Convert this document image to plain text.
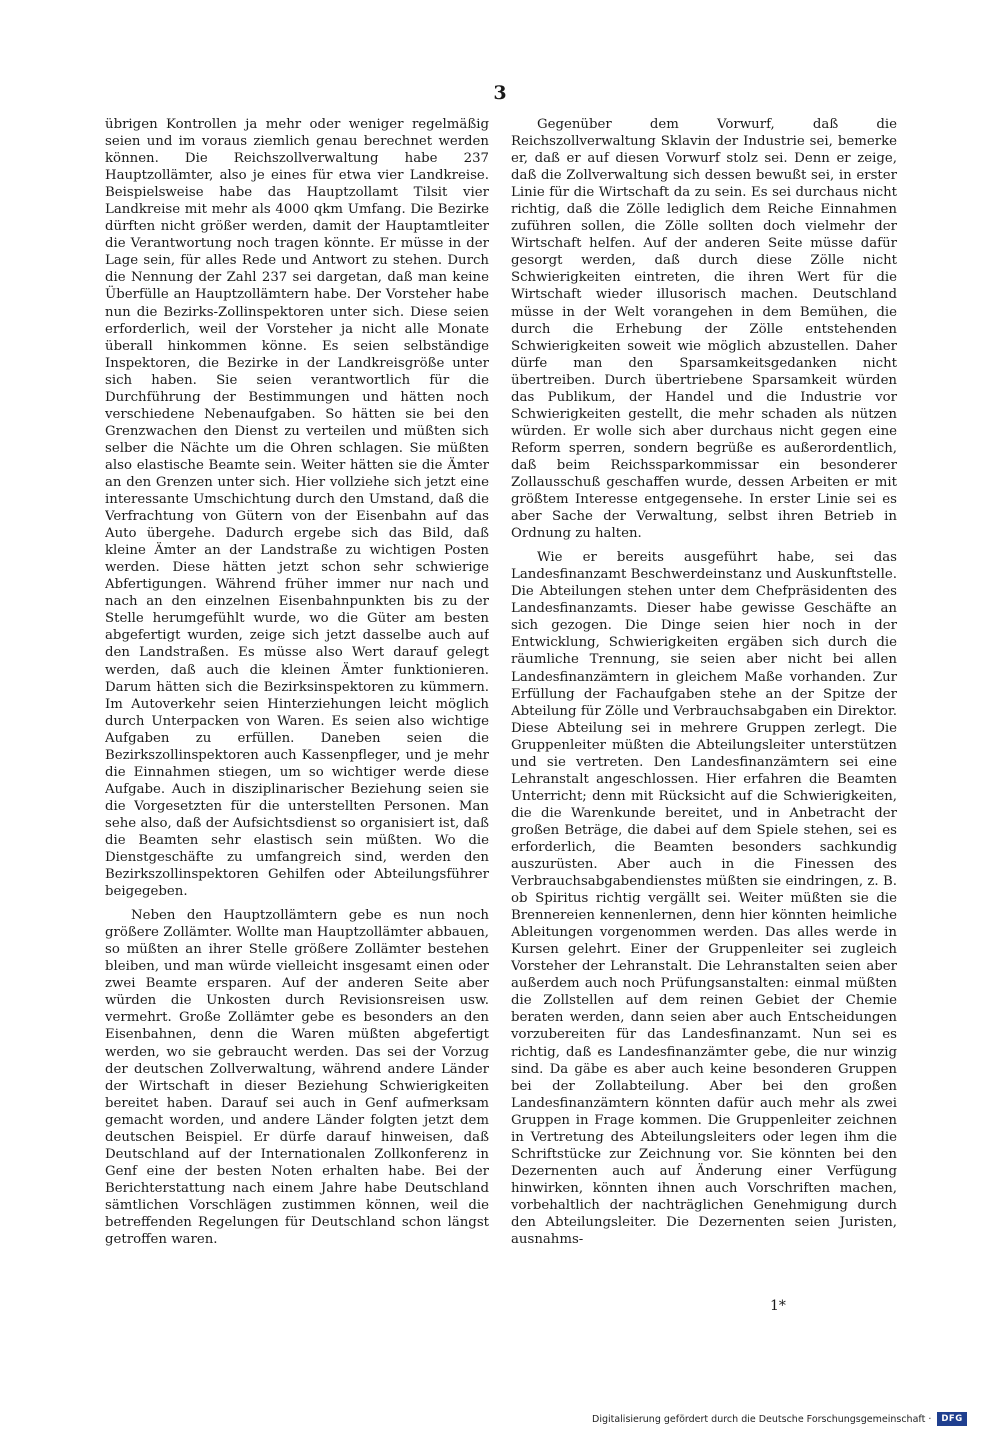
3

übrigen Kontrollen ja mehr oder weniger regelmäßig seien und im voraus ziemlich genau berechnet werden können. Die Reichszollverwaltung habe 237 Hauptzollämter, also je eines für etwa vier Landkreise. Beispielsweise habe das Hauptzollamt Tilsit vier Landkreise mit mehr als 4000 qkm Umfang. Die Bezirke dürften nicht größer werden, damit der Hauptamtleiter die Verantwortung noch tragen könnte. Er müsse in der Lage sein, für alles Rede und Antwort zu stehen. Durch die Nennung der Zahl 237 sei dargetan, daß man keine Überfülle an Hauptzollämtern habe. Der Vorsteher habe nun die Bezirks-Zollinspektoren unter sich. Diese seien erforderlich, weil der Vorsteher ja nicht alle Monate überall hinkommen könne. Es seien selbständige Inspektoren, die Bezirke in der Landkreisgröße unter sich haben. Sie seien verantwortlich für die Durchführung der Bestimmungen und hätten noch verschiedene Nebenaufgaben. So hätten sie bei den Grenzwachen den Dienst zu verteilen und müßten sich selber die Nächte um die Ohren schlagen. Sie müßten also elastische Beamte sein. Weiter hätten sie die Ämter an den Grenzen unter sich. Hier vollziehe sich jetzt eine interessante Umschichtung durch den Umstand, daß die Verfrachtung von Gütern von der Eisenbahn auf das Auto übergehe. Dadurch ergebe sich das Bild, daß kleine Ämter an der Landstraße zu wichtigen Posten werden. Diese hätten jetzt schon sehr schwierige Abfertigungen. Während früher immer nur nach und nach an den einzelnen Eisenbahnpunkten bis zu der Stelle herumgefühlt wurde, wo die Güter am besten abgefertigt wurden, zeige sich jetzt dasselbe auch auf den Landstraßen. Es müsse also Wert darauf gelegt werden, daß auch die kleinen Ämter funktionieren. Darum hätten sich die Bezirksinspektoren zu kümmern. Im Autoverkehr seien Hinterziehungen leicht möglich durch Unterpacken von Waren. Es seien also wichtige Aufgaben zu erfüllen. Daneben seien die Bezirkszollinspektoren auch Kassenpfleger, und je mehr die Einnahmen stiegen, um so wichtiger werde diese Aufgabe. Auch in disziplinarischer Beziehung seien sie die Vorgesetzten für die unterstellten Personen. Man sehe also, daß der Aufsichtsdienst so organisiert ist, daß die Beamten sehr elastisch sein müßten. Wo die Dienstgeschäfte zu umfangreich sind, werden den Bezirkszollinspektoren Gehilfen oder Abteilungsführer beigegeben.

Neben den Hauptzollämtern gebe es nun noch größere Zollämter. Wollte man Hauptzollämter abbauen, so müßten an ihrer Stelle größere Zollämter bestehen bleiben, und man würde vielleicht insgesamt einen oder zwei Beamte ersparen. Auf der anderen Seite aber würden die Unkosten durch Revisionsreisen usw. vermehrt. Große Zollämter gebe es besonders an den Eisenbahnen, denn die Waren müßten abgefertigt werden, wo sie gebraucht werden. Das sei der Vorzug der deutschen Zollverwaltung, während andere Länder der Wirtschaft in dieser Beziehung Schwierigkeiten bereitet haben. Darauf sei auch in Genf aufmerksam gemacht worden, und andere Länder folgten jetzt dem deutschen Beispiel. Er dürfe darauf hinweisen, daß Deutschland auf der Internationalen Zollkonferenz in Genf eine der besten Noten erhalten habe. Bei der Berichterstattung nach einem Jahre habe Deutschland sämtlichen Vorschlägen zustimmen können, weil die betreffenden Regelungen für Deutschland schon längst getroffen waren.

Gegenüber dem Vorwurf, daß die Reichszollverwaltung Sklavin der Industrie sei, bemerke er, daß er auf diesen Vorwurf stolz sei. Denn er zeige, daß die Zollverwaltung sich dessen bewußt sei, in erster Linie für die Wirtschaft da zu sein. Es sei durchaus nicht richtig, daß die Zölle lediglich dem Reiche Einnahmen zuführen sollen, die Zölle sollten doch vielmehr der Wirtschaft helfen. Auf der anderen Seite müsse dafür gesorgt werden, daß durch diese Zölle nicht Schwierigkeiten eintreten, die ihren Wert für die Wirtschaft wieder illusorisch machen. Deutschland müsse in der Welt vorangehen in dem Bemühen, die durch die Erhebung der Zölle entstehenden Schwierigkeiten soweit wie möglich abzustellen. Daher dürfe man den Sparsamkeitsgedanken nicht übertreiben. Durch übertriebene Sparsamkeit würden das Publikum, der Handel und die Industrie vor Schwierigkeiten gestellt, die mehr schaden als nützen würden. Er wolle sich aber durchaus nicht gegen eine Reform sperren, sondern begrüße es außerordentlich, daß beim Reichssparkommissar ein besonderer Zollausschuß geschaffen wurde, dessen Arbeiten er mit größtem Interesse entgegensehe. In erster Linie sei es aber Sache der Verwaltung, selbst ihren Betrieb in Ordnung zu halten.

Wie er bereits ausgeführt habe, sei das Landesfinanzamt Beschwerdeinstanz und Auskunftstelle. Die Abteilungen stehen unter dem Chefpräsidenten des Landesfinanzamts. Dieser habe gewisse Geschäfte an sich gezogen. Die Dinge seien hier noch in der Entwicklung, Schwierigkeiten ergäben sich durch die räumliche Trennung, sie seien aber nicht bei allen Landesfinanzämtern in gleichem Maße vorhanden. Zur Erfüllung der Fachaufgaben stehe an der Spitze der Abteilung für Zölle und Verbrauchsabgaben ein Direktor. Diese Abteilung sei in mehrere Gruppen zerlegt. Die Gruppenleiter müßten die Abteilungsleiter unterstützen und sie vertreten. Den Landesfinanzämtern sei eine Lehranstalt angeschlossen. Hier erfahren die Beamten Unterricht; denn mit Rücksicht auf die Schwierigkeiten, die die Warenkunde bereitet, und in Anbetracht der großen Beträge, die dabei auf dem Spiele stehen, sei es erforderlich, die Beamten besonders sachkundig auszurüsten. Aber auch in die Finessen des Verbrauchsabgabendienstes müßten sie eindringen, z. B. ob Spiritus richtig vergällt sei. Weiter müßten sie die Brennereien kennenlernen, denn hier könnten heimliche Ableitungen vorgenommen werden. Das alles werde in Kursen gelehrt. Einer der Gruppenleiter sei zugleich Vorsteher der Lehranstalt. Die Lehranstalten seien aber außerdem auch noch Prüfungsanstalten: einmal müßten die Zollstellen auf dem reinen Gebiet der Chemie beraten werden, dann seien aber auch Entscheidungen vorzubereiten für das Landesfinanzamt. Nun sei es richtig, daß es Landesfinanzämter gebe, die nur winzig sind. Da gäbe es aber auch keine besonderen Gruppen bei der Zollabteilung. Aber bei den großen Landesfinanzämtern könnten dafür auch mehr als zwei Gruppen in Frage kommen. Die Gruppenleiter zeichnen in Vertretung des Abteilungsleiters oder legen ihm die Schriftstücke zur Zeichnung vor. Sie könnten bei den Dezernenten auch auf Änderung einer Verfügung hinwirken, könnten ihnen auch Vorschriften machen, vorbehaltlich der nachträglichen Genehmigung durch den Abteilungsleiter. Die Dezernenten seien Juristen, ausnahms-

1*
Digitalisierung gefördert durch die Deutsche Forschungsgemeinschaft ·	DFG
